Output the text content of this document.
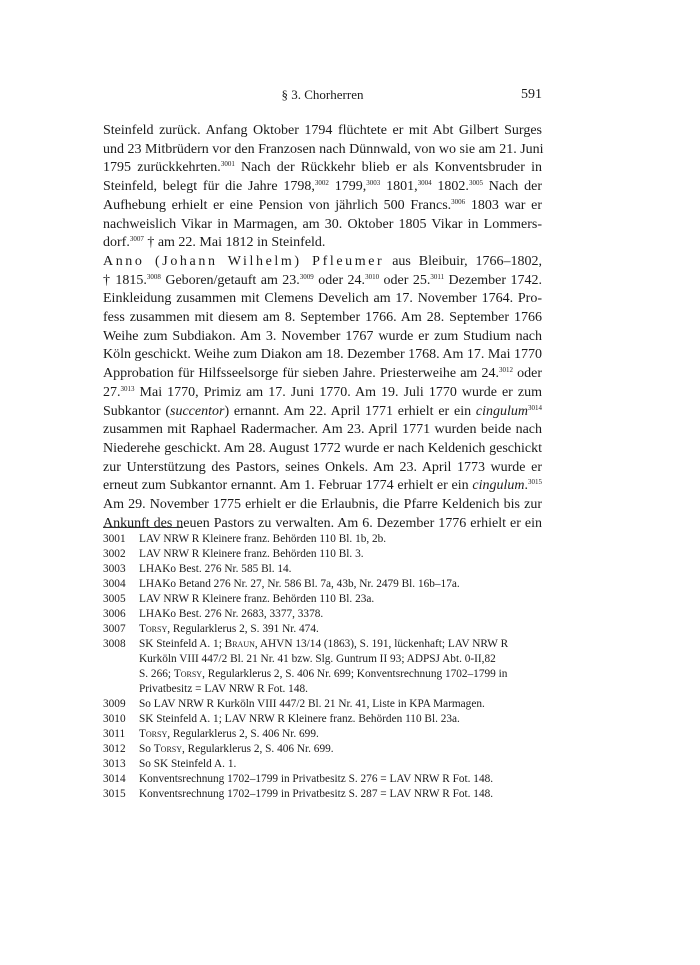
§ 3. Chorherren	591
Steinfeld zurück. Anfang Oktober 1794 flüchtete er mit Abt Gilbert Surges
und 23 Mitbrüdern vor den Franzosen nach Dünnwald, von wo sie am 21. Juni
1795 zurückkehrten.$^{3001}$ Nach der Rückkehr blieb er als Konventsbruder in
Steinfeld, belegt für die Jahre 1798,$^{3002}$ 1799,$^{3003}$ 1801,$^{3004}$ 1802.$^{3005}$ Nach der
Aufhebung erhielt er eine Pension von jährlich 500 Francs.$^{3006}$ 1803 war er
nachweislich Vikar in Marmagen, am 30. Oktober 1805 Vikar in Lommers-
dorf.$^{3007}$ † am 22. Mai 1812 in Steinfeld.
Anno (Johann Wilhelm) Pfleumer aus Bleibuir, 1766–1802,
† 1815.$^{3008}$ Geboren/getauft am 23.$^{3009}$ oder 24.$^{3010}$ oder 25.$^{3011}$ Dezember 1742.
Einkleidung zusammen mit Clemens Develich am 17. November 1764. Pro-
fess zusammen mit diesem am 8. September 1766. Am 28. September 1766
Weihe zum Subdiakon. Am 3. November 1767 wurde er zum Studium nach
Köln geschickt. Weihe zum Diakon am 18. Dezember 1768. Am 17. Mai 1770
Approbation für Hilfsseelsorge für sieben Jahre. Priesterweihe am 24.$^{3012}$ oder
27.$^{3013}$ Mai 1770, Primiz am 17. Juni 1770. Am 19. Juli 1770 wurde er zum
Subkantor (succentor) ernannt. Am 22. April 1771 erhielt er ein cingulum$^{3014}$
zusammen mit Raphael Radermacher. Am 23. April 1771 wurden beide nach
Niederehe geschickt. Am 28. August 1772 wurde er nach Keldenich geschickt
zur Unterstützung des Pastors, seines Onkels. Am 23. April 1773 wurde er
erneut zum Subkantor ernannt. Am 1. Februar 1774 erhielt er ein cingulum.$^{3015}$
Am 29. November 1775 erhielt er die Erlaubnis, die Pfarre Keldenich bis zur
Ankunft des neuen Pastors zu verwalten. Am 6. Dezember 1776 erhielt er ein
3001 LAV NRW R Kleinere franz. Behörden 110 Bl. 1b, 2b.
3002 LAV NRW R Kleinere franz. Behörden 110 Bl. 3.
3003 LHAKo Best. 276 Nr. 585 Bl. 14.
3004 LHAKo Betand 276 Nr. 27, Nr. 586 Bl. 7a, 43b, Nr. 2479 Bl. 16b–17a.
3005 LAV NRW R Kleinere franz. Behörden 110 Bl. 23a.
3006 LHAKo Best. 276 Nr. 2683, 3377, 3378.
3007 Torsy, Regularklerus 2, S. 391 Nr. 474.
3008 SK Steinfeld A. 1; Braun, AHVN 13/14 (1863), S. 191, lückenhaft; LAV NRW R
Kurköln VIII 447/2 Bl. 21 Nr. 41 bzw. Slg. Guntrum II 93; ADPSJ Abt. 0-II,82
S. 266; Torsy, Regularklerus 2, S. 406 Nr. 699; Konventsrechnung 1702–1799 in
Privatbesitz = LAV NRW R Fot. 148.
3009 So LAV NRW R Kurköln VIII 447/2 Bl. 21 Nr. 41, Liste in KPA Marmagen.
3010 SK Steinfeld A. 1; LAV NRW R Kleinere franz. Behörden 110 Bl. 23a.
3011 Torsy, Regularklerus 2, S. 406 Nr. 699.
3012 So Torsy, Regularklerus 2, S. 406 Nr. 699.
3013 So SK Steinfeld A. 1.
3014 Konventsrechnung 1702–1799 in Privatbesitz S. 276 = LAV NRW R Fot. 148.
3015 Konventsrechnung 1702–1799 in Privatbesitz S. 287 = LAV NRW R Fot. 148.
